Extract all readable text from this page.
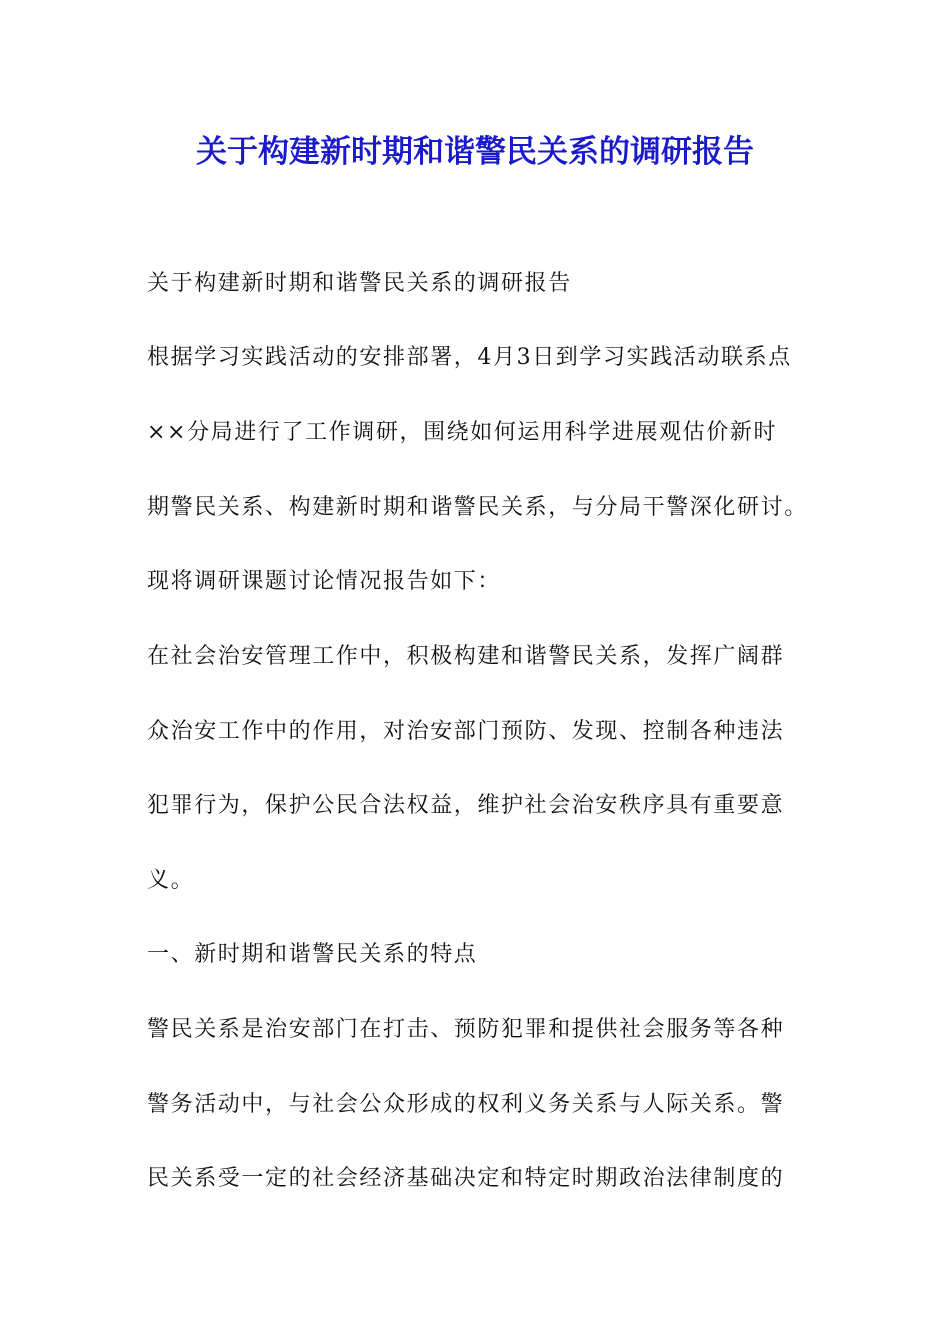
关于构建新时期和谐警民关系的调研报告

关于构建新时期和谐警民关系的调研报告

根据学习实践活动的安排部署，4月3日到学习实践活动联系点

××分局进行了工作调研，围绕如何运用科学进展观估价新时

期警民关系、构建新时期和谐警民关系，与分局干警深化研讨。

现将调研课题讨论情况报告如下：

在社会治安管理工作中，积极构建和谐警民关系，发挥广阔群

众治安工作中的作用，对治安部门预防、发现、控制各种违法

犯罪行为，保护公民合法权益，维护社会治安秩序具有重要意

义。

一、新时期和谐警民关系的特点

警民关系是治安部门在打击、预防犯罪和提供社会服务等各种

警务活动中，与社会公众形成的权利义务关系与人际关系。警

民关系受一定的社会经济基础决定和特定时期政治法律制度的
